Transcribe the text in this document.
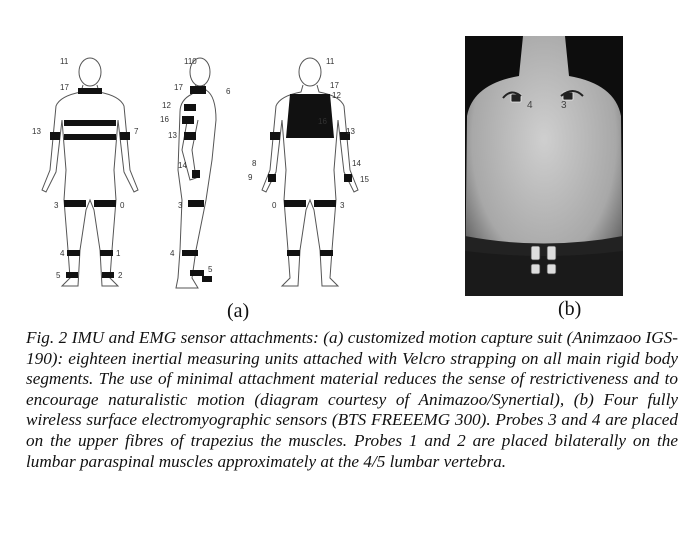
11
17
13	7
3	0
4	1
5	2
110
17
12
16
13
14
3
4
5
6
11
17
12
16
13
8
9
14
15
0	3
4	3
(a)	(b)
Fig. 2 IMU and EMG sensor attachments: (a) customized motion capture suit (Animzaoo IGS-190): eighteen inertial measuring units attached with Velcro strapping on all main rigid body segments. The use of minimal attachment material reduces the sense of restrictiveness and to encourage naturalistic motion (diagram courtesy of Animazoo/Synertial), (b) Four fully wireless surface electromyographic sensors (BTS FREEEMG 300). Probes 3 and 4 are placed on the upper fibres of trapezius the muscles. Probes 1 and 2 are placed bilaterally on the lumbar paraspinal muscles approximately at the 4/5 lumbar vertebra.
